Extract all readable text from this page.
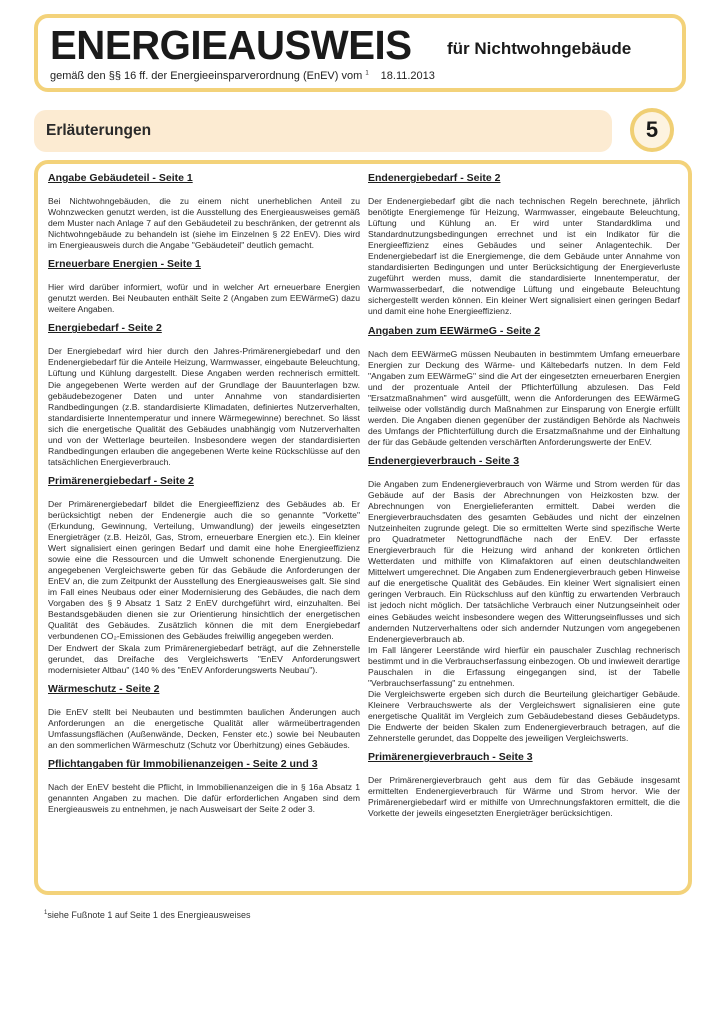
ENERGIEAUSWEIS	für Nichtwohngebäude
gemäß den §§ 16 ff. der Energieeinsparverordnung (EnEV) vom $^1$ 18.11.2013
Erläuterungen	5
Angabe Gebäudeteil - Seite 1

Bei Nichtwohngebäuden, die zu einem nicht unerheblichen Anteil zu Wohnzwecken genutzt werden, ist die Ausstellung des Energieausweises gemäß dem Muster nach Anlage 7 auf den Gebäudeteil zu beschränken, der getrennt als Nichtwohngebäude zu behandeln ist (siehe im Einzelnen § 22 EnEV). Dies wird im Energieausweis durch die Angabe "Gebäudeteil" deutlich gemacht.

Erneuerbare Energien - Seite 1

Hier wird darüber informiert, wofür und in welcher Art erneuerbare Energien genutzt werden. Bei Neubauten enthält Seite 2 (Angaben zum EEWärmeG) dazu weitere Angaben.

Energiebedarf - Seite 2

Der Energiebedarf wird hier durch den Jahres-Primärenergiebedarf und den Endenergiebedarf für die Anteile Heizung, Warmwasser, eingebaute Beleuchtung, Lüftung und Kühlung dargestellt. Diese Angaben werden rechnerisch ermittelt. Die angegebenen Werte werden auf der Grundlage der Bauunterlagen bzw. gebäudebezogener Daten und unter Annahme von standardisierten Randbedingungen (z.B. standardisierte Klimadaten, definiertes Nutzerverhalten, standardisierte Innentemperatur und innere Wärmegewinne) berechnet. So lässt sich die energetische Qualität des Gebäudes unabhängig vom Nutzerverhalten und von der Wetterlage beurteilen. Insbesondere wegen der standardisierten Randbedingungen erlauben die angegebenen Werte keine Rückschlüsse auf den tatsächlichen Energieverbrauch.

Primärenergiebedarf - Seite 2

Der Primärenergiebedarf bildet die Energieeffizienz des Gebäudes ab. Er berücksichtigt neben der Endenergie auch die so genannte "Vorkette" (Erkundung, Gewinnung, Verteilung, Umwandlung) der jeweils eingesetzten Energieträger (z.B. Heizöl, Gas, Strom, erneuerbare Energien etc.). Ein kleiner Wert signalisiert einen geringen Bedarf und damit eine hohe Energieeffizienz sowie eine die Ressourcen und die Umwelt schonende Energienutzung. Die angegebenen Vergleichswerte geben für das Gebäude die Anforderungen der EnEV an, die zum Zeitpunkt der Ausstellung des Energieausweises galt. Sie sind im Fall eines Neubaus oder einer Modernisierung des Gebäudes, die nach dem Vorgaben des § 9 Absatz 1 Satz 2 EnEV durchgeführt wird, einzuhalten. Bei Bestandsgebäuden dienen sie zur Orientierung hinsichtlich der energetischen Qualität des Gebäudes. Zusätzlich können die mit dem Energiebedarf verbundenen CO₂-Emissionen des Gebäudes freiwillig angegeben werden.

Der Endwert der Skala zum Primärenergiebedarf beträgt, auf die Zehnerstelle gerundet, das Dreifache des Vergleichswerts "EnEV Anforderungswert modernisieter Altbau" (140 % des "EnEV Anforderungswerts Neubau").

Wärmeschutz - Seite 2

Die EnEV stellt bei Neubauten und bestimmten baulichen Änderungen auch Anforderungen an die energetische Qualität aller wärmeübertragenden Umfassungsflächen (Außenwände, Decken, Fenster etc.) sowie bei Neubauten an den sommerlichen Wärmeschutz (Schutz vor Überhitzung) eines Gebäudes.

Pflichtangaben für Immobilienanzeigen - Seite 2 und 3

Nach der EnEV besteht die Pflicht, in Immobilienanzeigen die in § 16a Absatz 1 genannten Angaben zu machen. Die dafür erforderlichen Angaben sind dem Energieausweis zu entnehmen, je nach Ausweisart der Seite 2 oder 3.

Endenergiebedarf - Seite 2

Der Endenergiebedarf gibt die nach technischen Regeln berechnete, jährlich benötigte Energiemenge für Heizung, Warmwasser, eingebaute Beleuchtung, Lüftung und Kühlung an. Er wird unter Standardklima und Standardnutzungsbedingungen errechnet und ist ein Indikator für die Energieeffizienz eines Gebäudes und seiner Anlagentechik. Der Endenergiebedarf ist die Energiemenge, die dem Gebäude unter Annahme von standardisierten Bedingungen und unter Berücksichtigung der Energieverluste zugeführt werden muss, damit die standardisierte Innentemperatur, der Warmwasserbedarf, die notwendige Lüftung und eingebaute Beleuchtung sichergestellt werden können. Ein kleiner Wert signalisiert einen geringen Bedarf und damit eine hohe Energieeffizienz.

Angaben zum EEWärmeG - Seite 2

Nach dem EEWärmeG müssen Neubauten in bestimmtem Umfang erneuerbare Energien zur Deckung des Wärme- und Kältebedarfs nutzen. In dem Feld "Angaben zum EEWärmeG" sind die Art der eingesetzten erneuerbaren Energien und der prozentuale Anteil der Pflichterfüllung abzulesen. Das Feld "Ersatzmaßnahmen" wird ausgefüllt, wenn die Anforderungen des EEWärmeG teilweise oder vollständig durch Maßnahmen zur Einsparung von Energie erfüllt werden. Die Angaben dienen gegenüber der zuständigen Behörde als Nachweis des Umfangs der Pflichterfüllung durch die Ersatzmaßnahme und der Einhaltung der für das Gebäude geltenden verschärften Anforderungswerte der EnEV.

Endenergieverbrauch - Seite 3

Die Angaben zum Endenergieverbrauch von Wärme und Strom werden für das Gebäude auf der Basis der Abrechnungen von Heizkosten bzw. der Abrechnungen von Energielieferanten ermittelt. Dabei werden die Energieverbrauchsdaten des gesamten Gebäudes und nicht der einzelnen Nutzeinheiten zugrunde gelegt. Die so ermittelten Werte sind spezifische Werte pro Quadratmeter Nettogrundfläche nach der EnEV. Der erfasste Energieverbrauch für die Heizung wird anhand der konkreten örtlichen Wetterdaten und mithilfe von Klimafaktoren auf einen deutschlandweiten Mittelwert umgerechnet. Die Angaben zum Endenergieverbrauch geben Hinweise auf die energetische Qualität des Gebäudes. Ein kleiner Wert signalisiert einen geringen Verbrauch. Ein Rückschluss auf den künftig zu erwartenden Verbrauch ist jedoch nicht möglich. Der tatsächliche Verbrauch einer Nutzungseinheit oder eines Gebäudes weicht insbesondere wegen des Witterungseinflusses und sich andernden Nutzerverhaltens oder sich andernder Nutzungen vom angegebenen Endenergieverbrauch ab.

Im Fall längerer Leerstände wird hierfür ein pauschaler Zuschlag rechnerisch bestimmt und in die Verbrauchserfassung einbezogen. Ob und inwieweit derartige Pauschalen in die Erfassung eingegangen sind, ist der Tabelle "Verbrauchserfassung" zu entnehmen.

Die Vergleichswerte ergeben sich durch die Beurteilung gleichartiger Gebäude. Kleinere Verbrauchswerte als der Vergleichswert signalisieren eine gute energetische Qualität im Vergleich zum Gebäudebestand dieses Gebäudetyps. Die Endwerte der beiden Skalen zum Endenergieverbrauch betragen, auf die Zehnerstelle gerundet, das Doppelte des jeweiligen Vergleichswerts.

Primärenergieverbrauch - Seite 3

Der Primärenergieverbrauch geht aus dem für das Gebäude insgesamt ermittelten Endenergieverbrauch für Wärme und Strom hervor. Wie der Primärenergiebedarf wird er mithilfe von Umrechnungsfaktoren ermittelt, die die Vorkette der jeweils eingesetzten Energieträger berücksichtigen.

$^1$siehe Fußnote 1 auf Seite 1 des Energieausweises
